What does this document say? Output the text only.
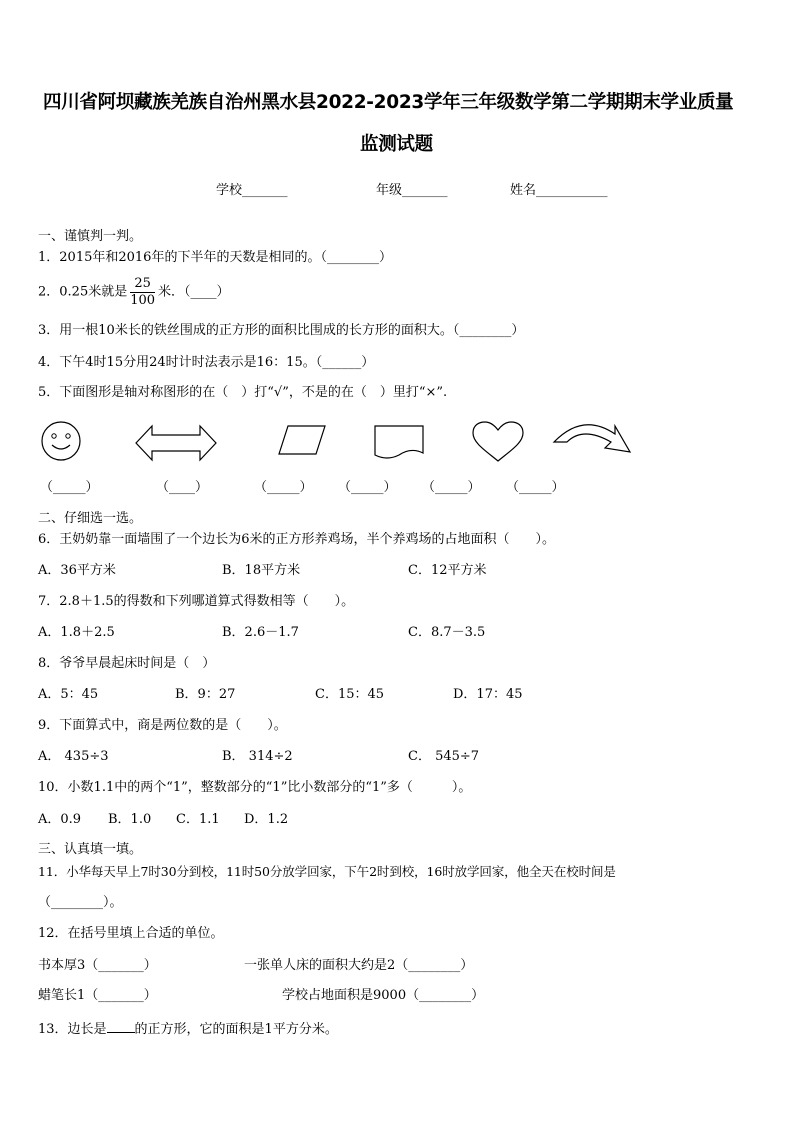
四川省阿坝藏族羌族自治州黑水县2022-2023学年三年级数学第二学期期末学业质量
监测试题
学校_______	年级_______	姓名___________
一、谨慎判一判。
1．2015年和2016年的下半年的天数是相同的。（________）
2．0.25米就是 $\frac{25}{100}$ 米．（____）
3．用一根10米长的铁丝围成的正方形的面积比围成的长方形的面积大。（________）
4．下午4时15分用24时计时法表示是16：15。（______）
5．下面图形是轴对称图形的在（　）打“√”，不是的在（　）里打“×”.
（_____）	（____）	（_____） （_____） （_____） （_____）
二、仔细选一选。
6．王奶奶靠一面墙围了一个边长为6米的正方形养鸡场，半个养鸡场的占地面积（　　）。
A．36平方米	B．18平方米	C．12平方米
7．2.8＋1.5的得数和下列哪道算式得数相等（　　）。
A．1.8＋2.5	B．2.6－1.7	C．8.7－3.5
8．爷爷早晨起床时间是（　）
A．5：45	B．9：27	C．15：45	D．17：45
9．下面算式中，商是两位数的是（　　）。
A． 435÷3	B． 314÷2	C． 545÷7
10．小数1.1中的两个“1”，整数部分的“1”比小数部分的“1”多（　　　）。
A．0.9 B．1.0 C．1.1 D．1.2
三、认真填一填。
11．小华每天早上7时30分到校，11时50分放学回家，下午2时到校，16时放学回家，他全天在校时间是
（________）。
12．在括号里填上合适的单位。
书本厚3（_______）	一张单人床的面积大约是2（________）
蜡笔长1（_______）	学校占地面积是9000（________）
13．边长是 的正方形，它的面积是1平方分米。
